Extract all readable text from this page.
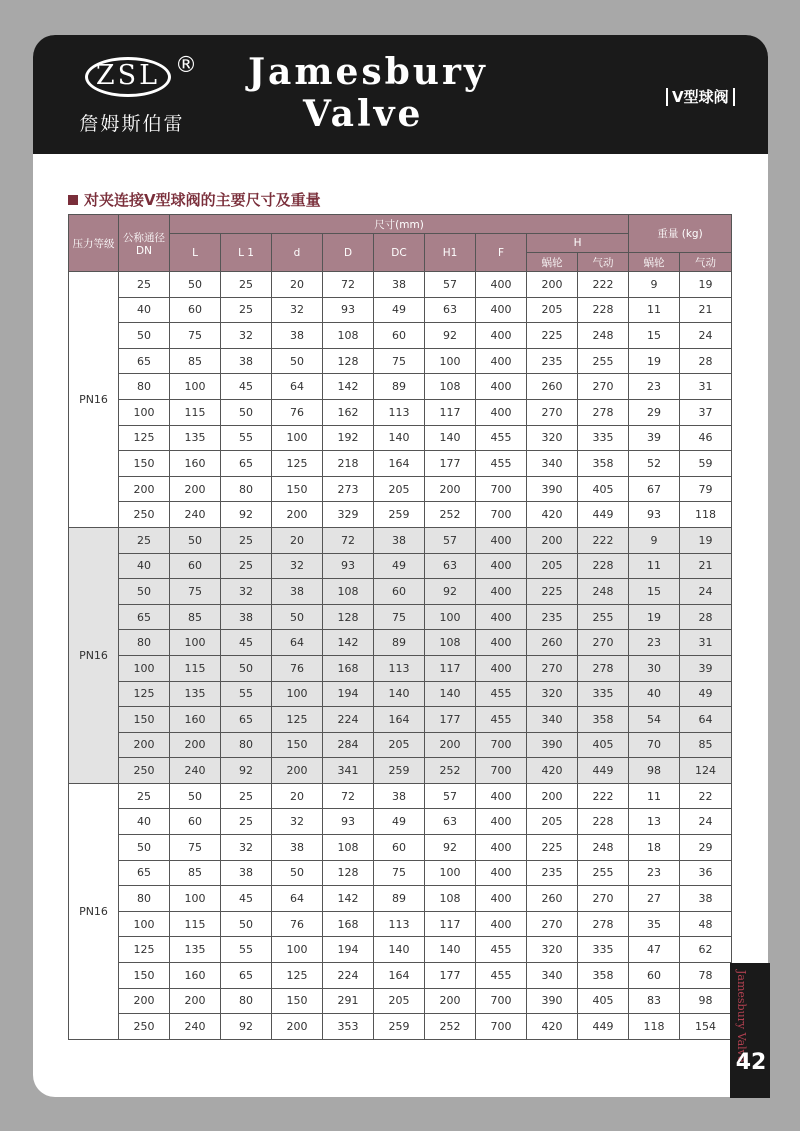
ZSL ®
詹姆斯伯雷
Jamesbury
Valve	V型球阀
对夹连接V型球阀的主要尺寸及重量
压力等级	公称通径DN	尺寸(mm)									重量 (kg)	
		L	L 1	d	D	DC	H1	F	H			
									蜗轮	气动	蜗轮	气动
PN16	25	50	25	20	72	38	57	400	200	222	9	19
	40	60	25	32	93	49	63	400	205	228	11	21
	50	75	32	38	108	60	92	400	225	248	15	24
	65	85	38	50	128	75	100	400	235	255	19	28
	80	100	45	64	142	89	108	400	260	270	23	31
	100	115	50	76	162	113	117	400	270	278	29	37
	125	135	55	100	192	140	140	455	320	335	39	46
	150	160	65	125	218	164	177	455	340	358	52	59
	200	200	80	150	273	205	200	700	390	405	67	79
	250	240	92	200	329	259	252	700	420	449	93	118
PN16	25	50	25	20	72	38	57	400	200	222	9	19
	40	60	25	32	93	49	63	400	205	228	11	21
	50	75	32	38	108	60	92	400	225	248	15	24
	65	85	38	50	128	75	100	400	235	255	19	28
	80	100	45	64	142	89	108	400	260	270	23	31
	100	115	50	76	168	113	117	400	270	278	30	39
	125	135	55	100	194	140	140	455	320	335	40	49
	150	160	65	125	224	164	177	455	340	358	54	64
	200	200	80	150	284	205	200	700	390	405	70	85
	250	240	92	200	341	259	252	700	420	449	98	124
PN16	25	50	25	20	72	38	57	400	200	222	11	22
	40	60	25	32	93	49	63	400	205	228	13	24
	50	75	32	38	108	60	92	400	225	248	18	29
	65	85	38	50	128	75	100	400	235	255	23	36
	80	100	45	64	142	89	108	400	260	270	27	38
	100	115	50	76	168	113	117	400	270	278	35	48
	125	135	55	100	194	140	140	455	320	335	47	62
	150	160	65	125	224	164	177	455	340	358	60	78
	200	200	80	150	291	205	200	700	390	405	83	98
	250	240	92	200	353	259	252	700	420	449	118	154 Jamesbury Valve
42
